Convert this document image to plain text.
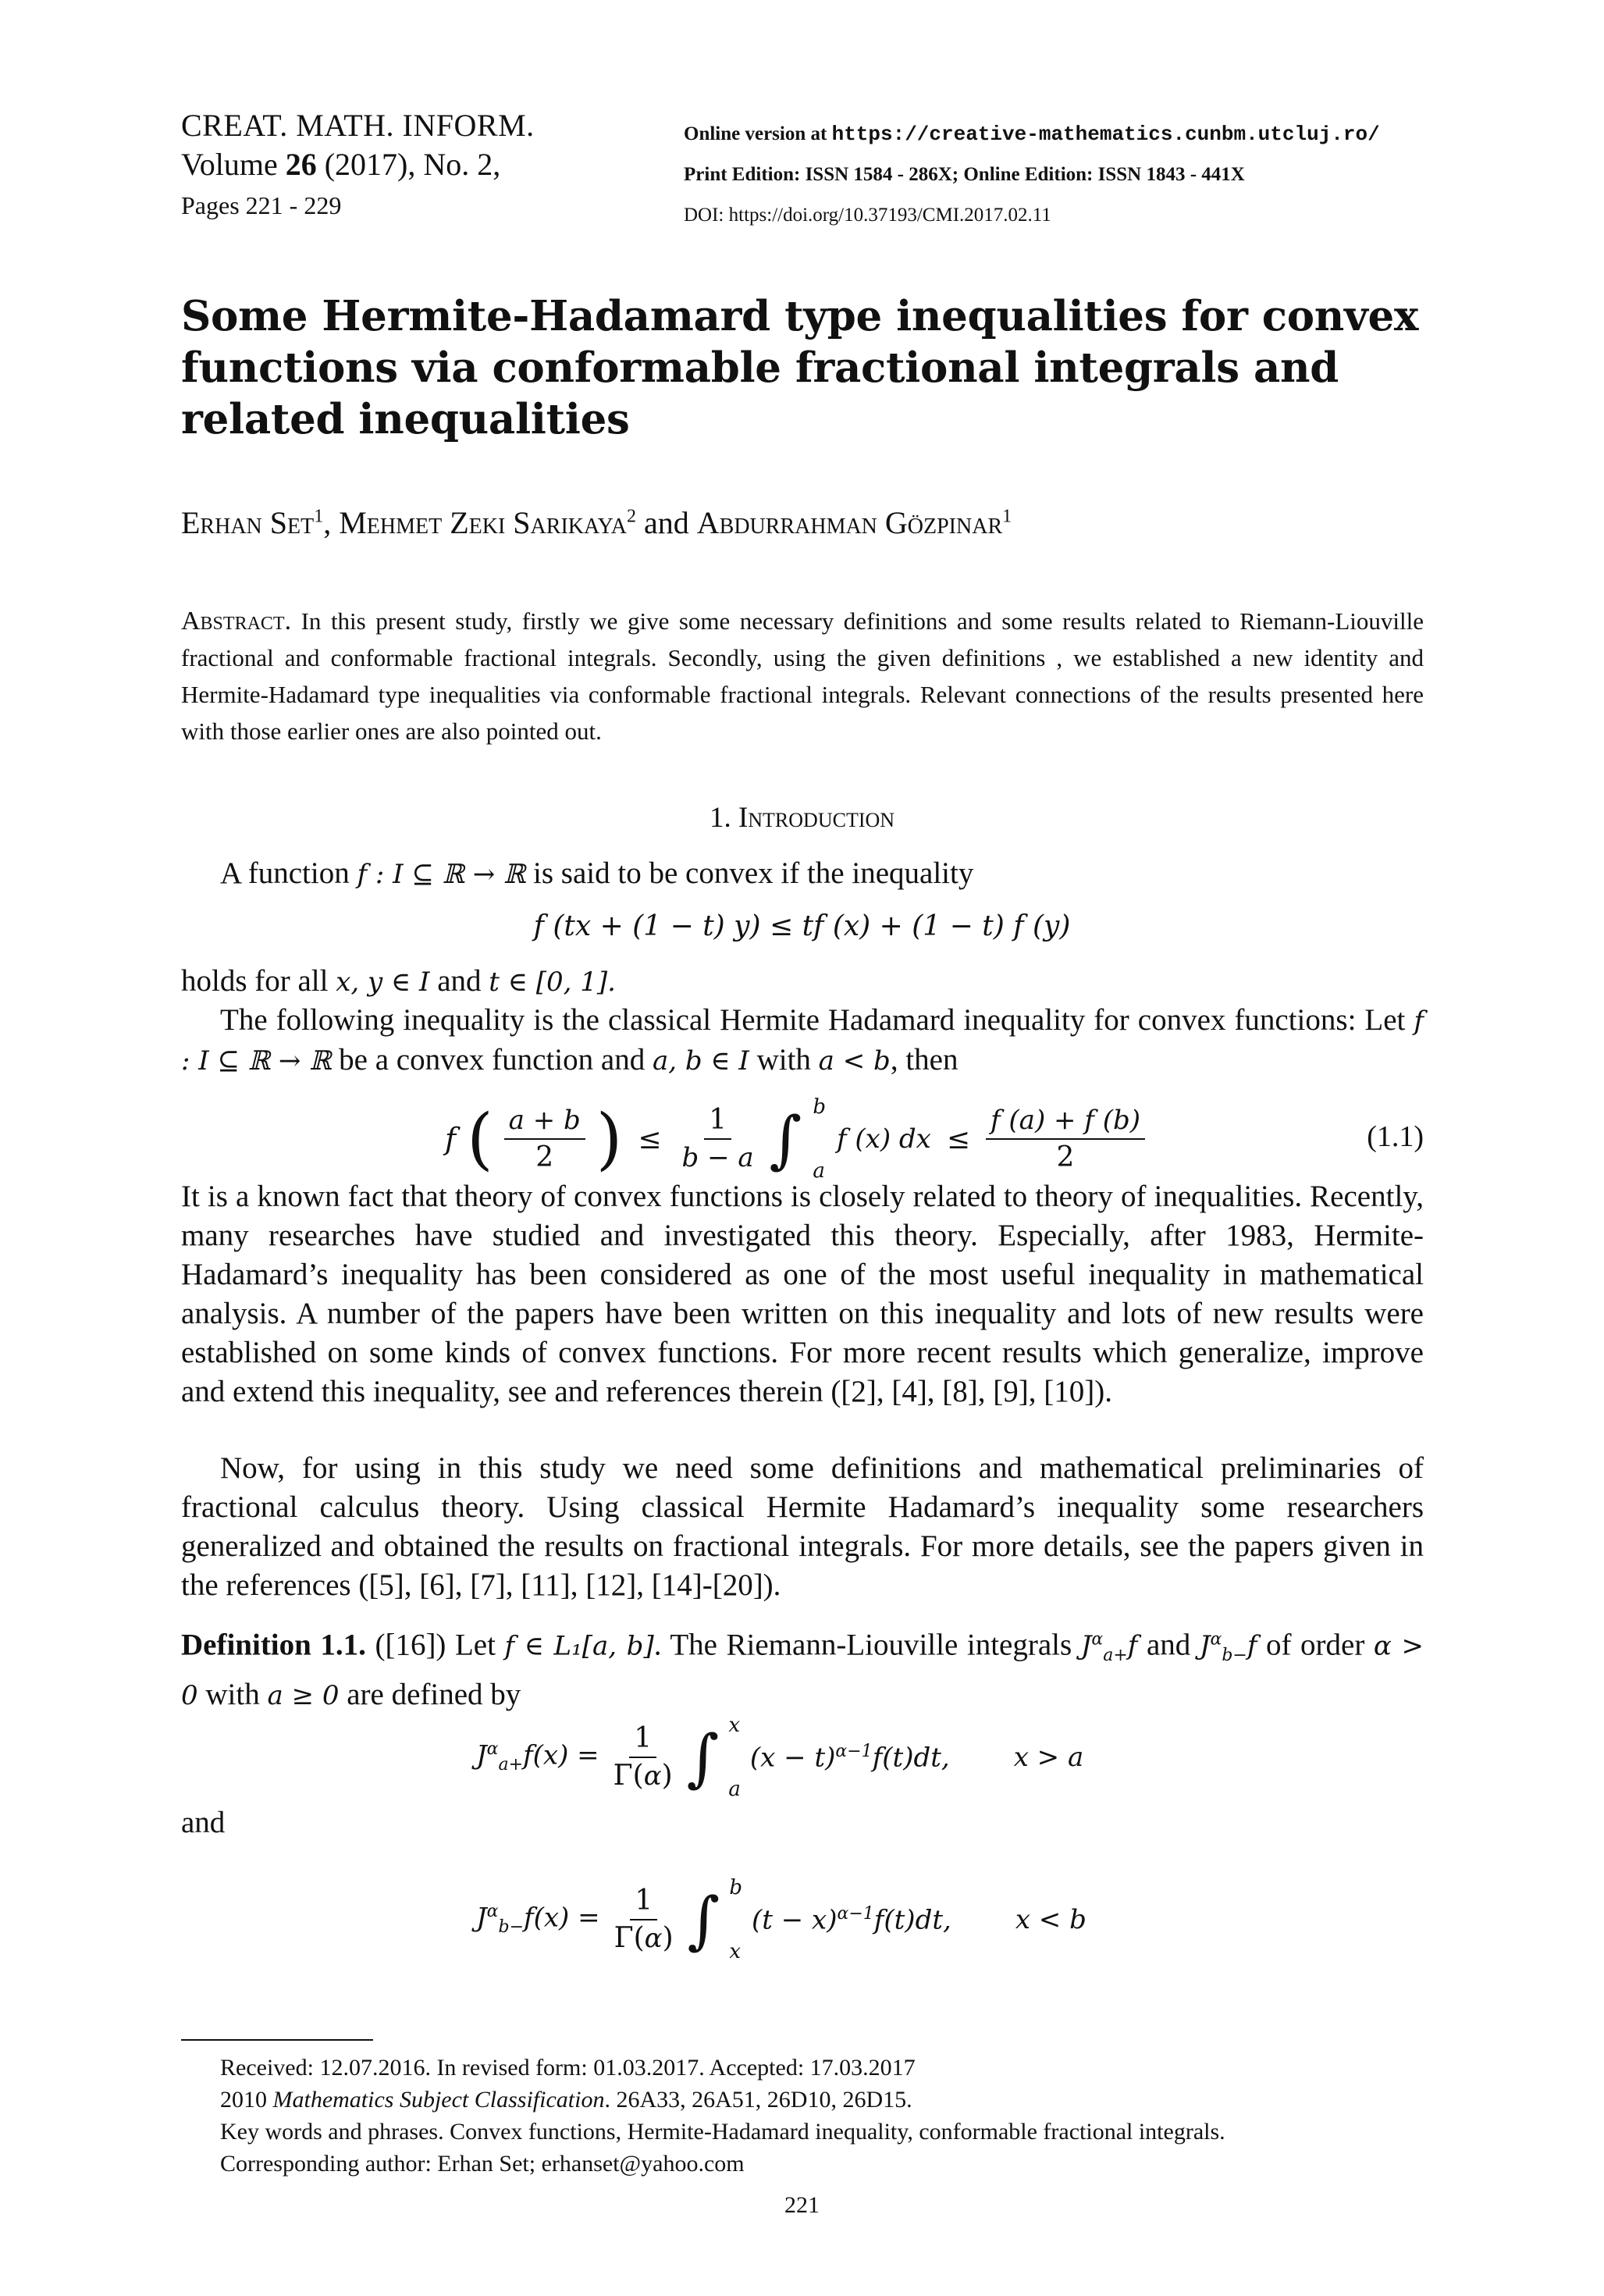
CREAT. MATH. INFORM.
Volume 26 (2017), No. 2,
Pages 221 - 229
Online version at https://creative-mathematics.cunbm.utcluj.ro/
Print Edition: ISSN 1584 - 286X; Online Edition: ISSN 1843 - 441X
DOI: https://doi.org/10.37193/CMI.2017.02.11
Some Hermite-Hadamard type inequalities for convex functions via conformable fractional integrals and related inequalities
Erhan Set$^1$, Mehmet Zeki Sarikaya$^2$ and Abdurrahman Gözpinar$^1$
Abstract. In this present study, firstly we give some necessary definitions and some results related to Riemann-Liouville fractional and conformable fractional integrals. Secondly, using the given definitions , we established a new identity and Hermite-Hadamard type inequalities via conformable fractional integrals. Relevant connections of the results presented here with those earlier ones are also pointed out.
1. Introduction
A function f : I ⊆ ℝ → ℝ is said to be convex if the inequality
f (tx + (1 − t) y) ≤ tf (x) + (1 − t) f (y)
holds for all x, y ∈ I and t ∈ [0, 1].
The following inequality is the classical Hermite Hadamard inequality for convex functions: Let f : I ⊆ ℝ → ℝ be a convex function and a, b ∈ I with a < b, then
f ( $\frac{a + b}{2}$ ) ≤ $\frac{1}{b - a}$ ∫ b
a
f (x) dx ≤ $\frac{f (a) + f (b)}{2}$	(1.1)
It is a known fact that theory of convex functions is closely related to theory of inequalities. Recently, many researches have studied and investigated this theory. Especially, after 1983, Hermite-Hadamard’s inequality has been considered as one of the most useful inequality in mathematical analysis. A number of the papers have been written on this inequality and lots of new results were established on some kinds of convex functions. For more recent results which generalize, improve and extend this inequality, see and references therein ([2], [4], [8], [9], [10]).
Now, for using in this study we need some definitions and mathematical preliminaries of fractional calculus theory. Using classical Hermite Hadamard’s inequality some researchers generalized and obtained the results on fractional integrals. For more details, see the papers given in the references ([5], [6], [7], [11], [12], [14]-[20]).
Definition 1.1. ([16]) Let f ∈ L₁[a, b]. The Riemann-Liouville integrals $J^\alpha_{a+}f$ and $J^\alpha_{b-}f$ of order α > 0 with a ≥ 0 are defined by
$J^\alpha_{a+}f(x) = \frac{1}{\Gamma(\alpha)}$ ∫ x
a
$(x - t)^{\alpha-1}f(t)dt$, x > a
and
$J^\alpha_{b-}f(x) = \frac{1}{\Gamma(\alpha)}$ ∫ b
x
$(t - x)^{\alpha-1}f(t)dt$, x < b
Received: 12.07.2016. In revised form: 01.03.2017. Accepted: 17.03.2017
2010 Mathematics Subject Classification. 26A33, 26A51, 26D10, 26D15.
Key words and phrases. Convex functions, Hermite-Hadamard inequality, conformable fractional integrals.
Corresponding author: Erhan Set; erhanset@yahoo.com
221
